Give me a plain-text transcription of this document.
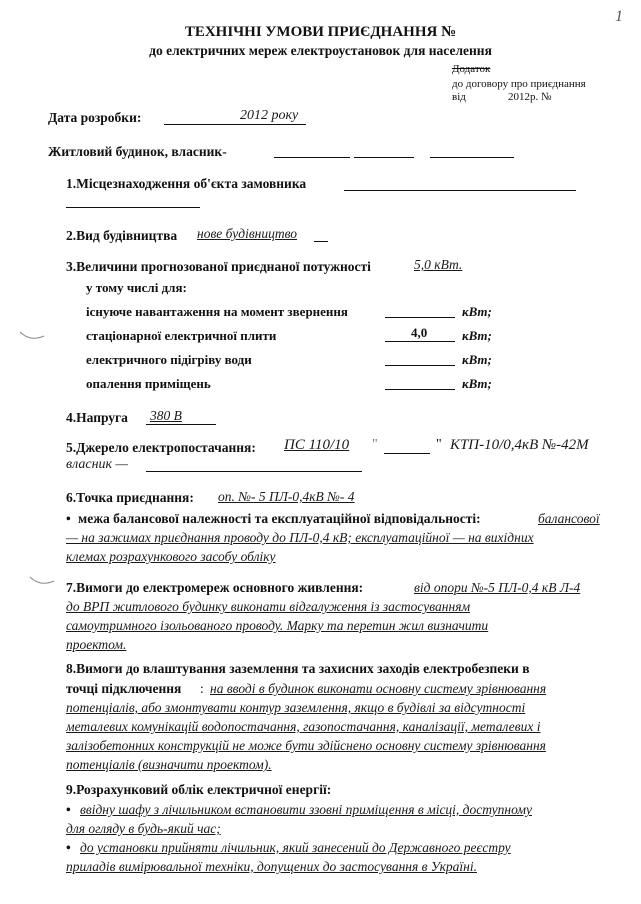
1
ТЕХНІЧНІ УМОВИ ПРИЄДНАННЯ №
до електричних мереж електроустановок для населення
Додаток
до договору про приєднання
від	2012р. №
Дата розробки:	2012 року
Житловий будинок, власник-
1.Місцезнаходження об'єкта замовника
2.Вид будівництва нове будівництво
3.Величини прогнозованої приєднаної потужності	5,0 кВт.
у тому числі для:
існуюче навантаження на момент звернення	кВт;
стаціонарної електричної плити	4,0	кВт;
електричного підігріву води	кВт;
опалення приміщень	кВт;
4.Напруга 380 В
5.Джерело електропостачання: ПС 110/10 "	" КТП-10/0,4кВ №-42М
власник —
6.Точка приєднання: оп. №- 5 ПЛ-0,4кВ №- 4
• межа балансової належності та експлуатаційної відповідальності:	балансової
— на зажимах приєднання проводу до ПЛ-0,4 кВ; експлуатаційної — на вихідних
клемах розрахункового засобу обліку
7.Вимоги до електромереж основного живлення:	від опори №-5 ПЛ-0,4 кВ Л-4
до ВРП житлового будинку виконати відгалуження із застосуванням
самоутримного ізольованого проводу. Марку та перетин жил визначити
проектом.
8.Вимоги до влаштування заземлення та захисних заходів електробезпеки в
точці підключення : на вводі в будинок виконати основну систему зрівнювання
потенціалів, або змонтувати контур заземлення, якщо в будівлі за відсутності
металевих комунікацій водопостачання, газопостачання, каналізації, металевих і
залізобетонних конструкцій не може бути здійснено основну систему зрівнювання
потенціалів (визначити проектом).
9.Розрахунковий облік електричної енергії:
• ввідну шафу з лічильником встановити ззовні приміщення в місці, доступному
для огляду в будь-який час;
• до установки прийняти лічильник, який занесений до Державного реєстру
приладів вимірювальної техніки, допущених до застосування в Україні.
